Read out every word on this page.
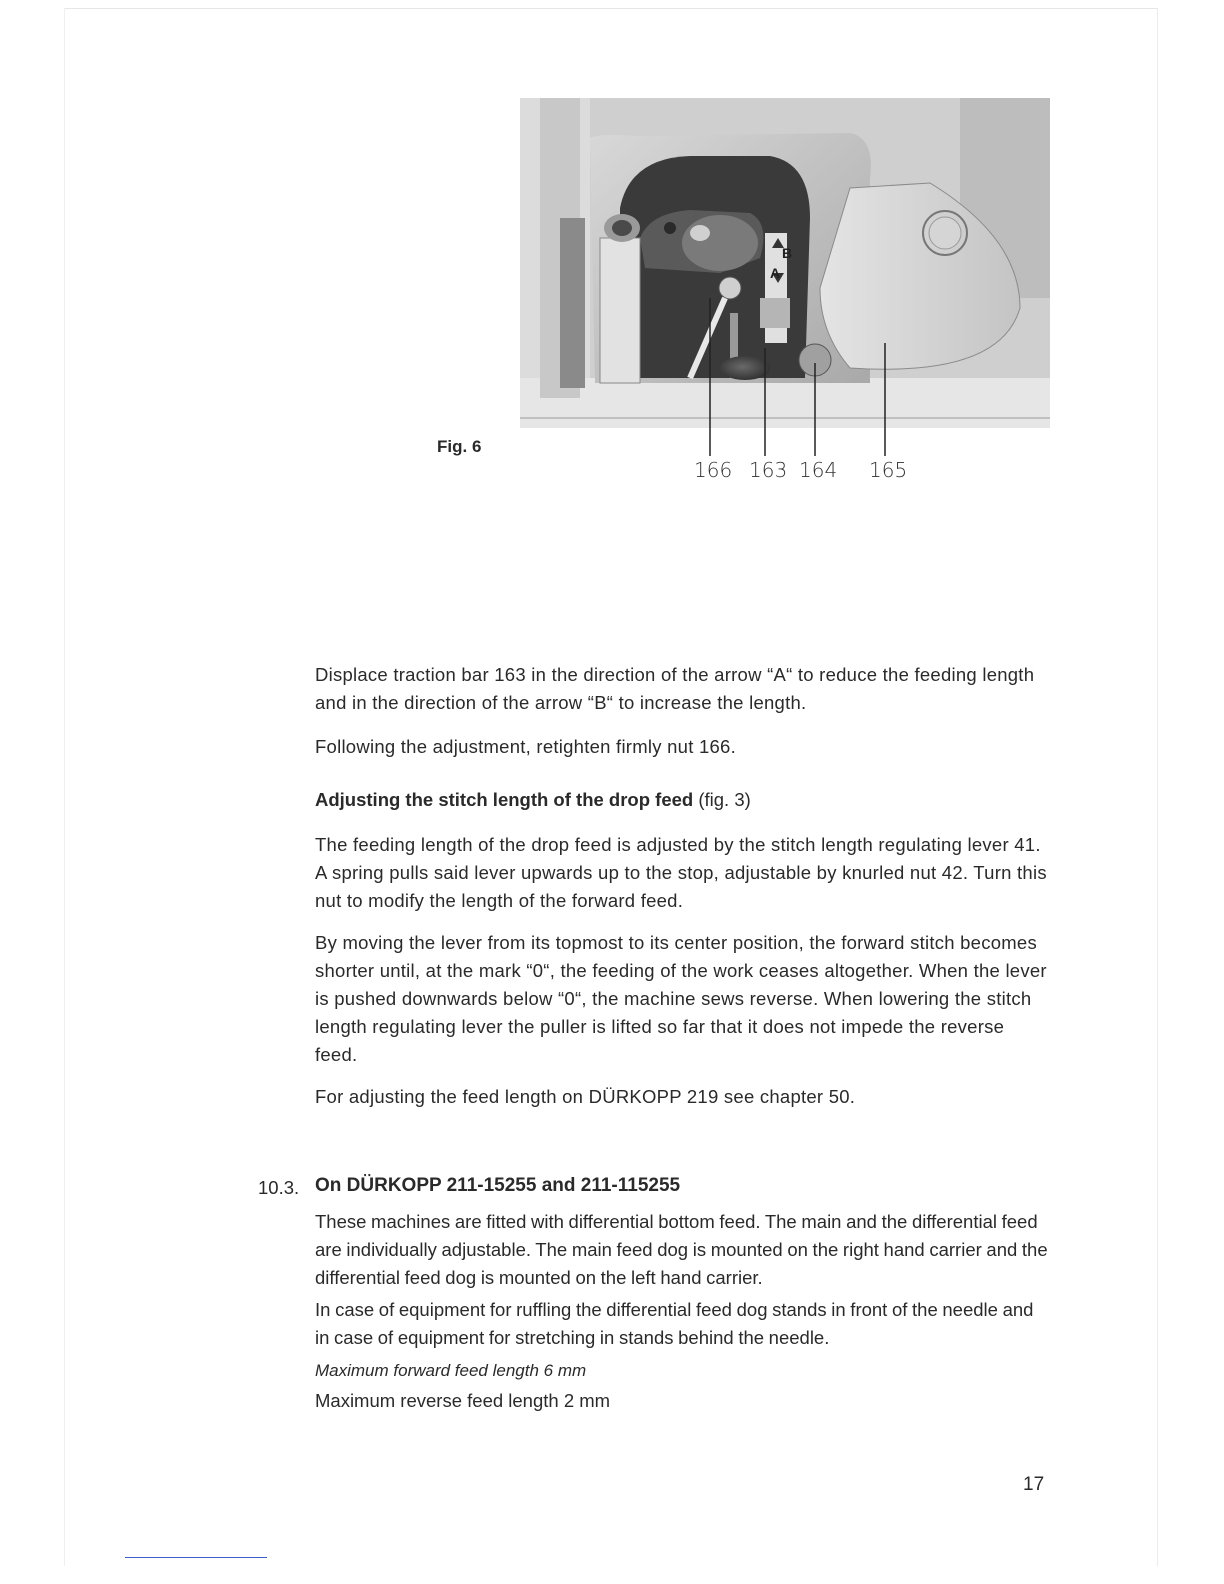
B
A
Fig. 6
166 163 164 165

Displace traction bar 163 in the direction of the arrow “A“ to reduce the feeding length and in the direction of the arrow “B“ to increase the length.

Following the adjustment, retighten firmly nut 166.

Adjusting the stitch length of the drop feed (fig. 3)

The feeding length of the drop feed is adjusted by the stitch length regulating lever 41. A spring pulls said lever upwards up to the stop, adjustable by knurled nut 42. Turn this nut to modify the length of the forward feed.

By moving the lever from its topmost to its center position, the forward stitch becomes shorter until, at the mark “0“, the feeding of the work ceases altogether. When the lever is pushed downwards below “0“, the machine sews reverse. When lowering the stitch length regulating lever the puller is lifted so far that it does not impede the reverse feed.

For adjusting the feed length on DÜRKOPP 219 see chapter 50.

10.3. On DÜRKOPP 211-15255 and 211-115255

These machines are fitted with differential bottom feed. The main and the differential feed are individually adjustable. The main feed dog is mounted on the right hand carrier and the differential feed dog is mounted on the left hand carrier.

In case of equipment for ruffling the differential feed dog stands in front of the needle and in case of equipment for stretching in stands behind the needle.

Maximum forward feed length 6 mm

Maximum reverse feed length 2 mm

17
